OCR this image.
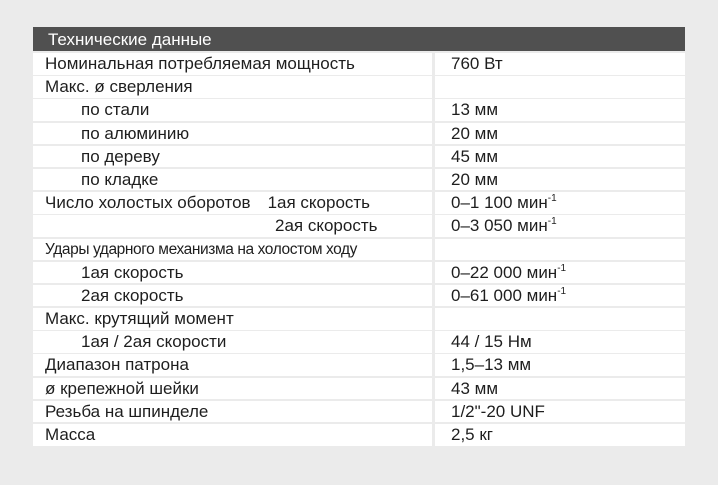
Технические данные
Номинальная потребляемая мощность	760 Вт
Макс. ø сверления
по стали	13 мм
по алюминию	20 мм
по дереву	45 мм
по кладке	20 мм
Число холостых оборотов 1ая скорость	0–1 100 мин$^{-1}$
2ая скорость	0–3 050 мин$^{-1}$
Удары ударного механизма на холостом ходу
1ая скорость	0–22 000 мин$^{-1}$
2ая скорость	0–61 000 мин$^{-1}$
Макс. крутящий момент
1ая / 2ая скорости	44 / 15 Нм
Диапазон патрона	1,5–13 мм
ø крепежной шейки	43 мм
Резьба на шпинделе	1/2"-20 UNF
Масса	2,5 кг
